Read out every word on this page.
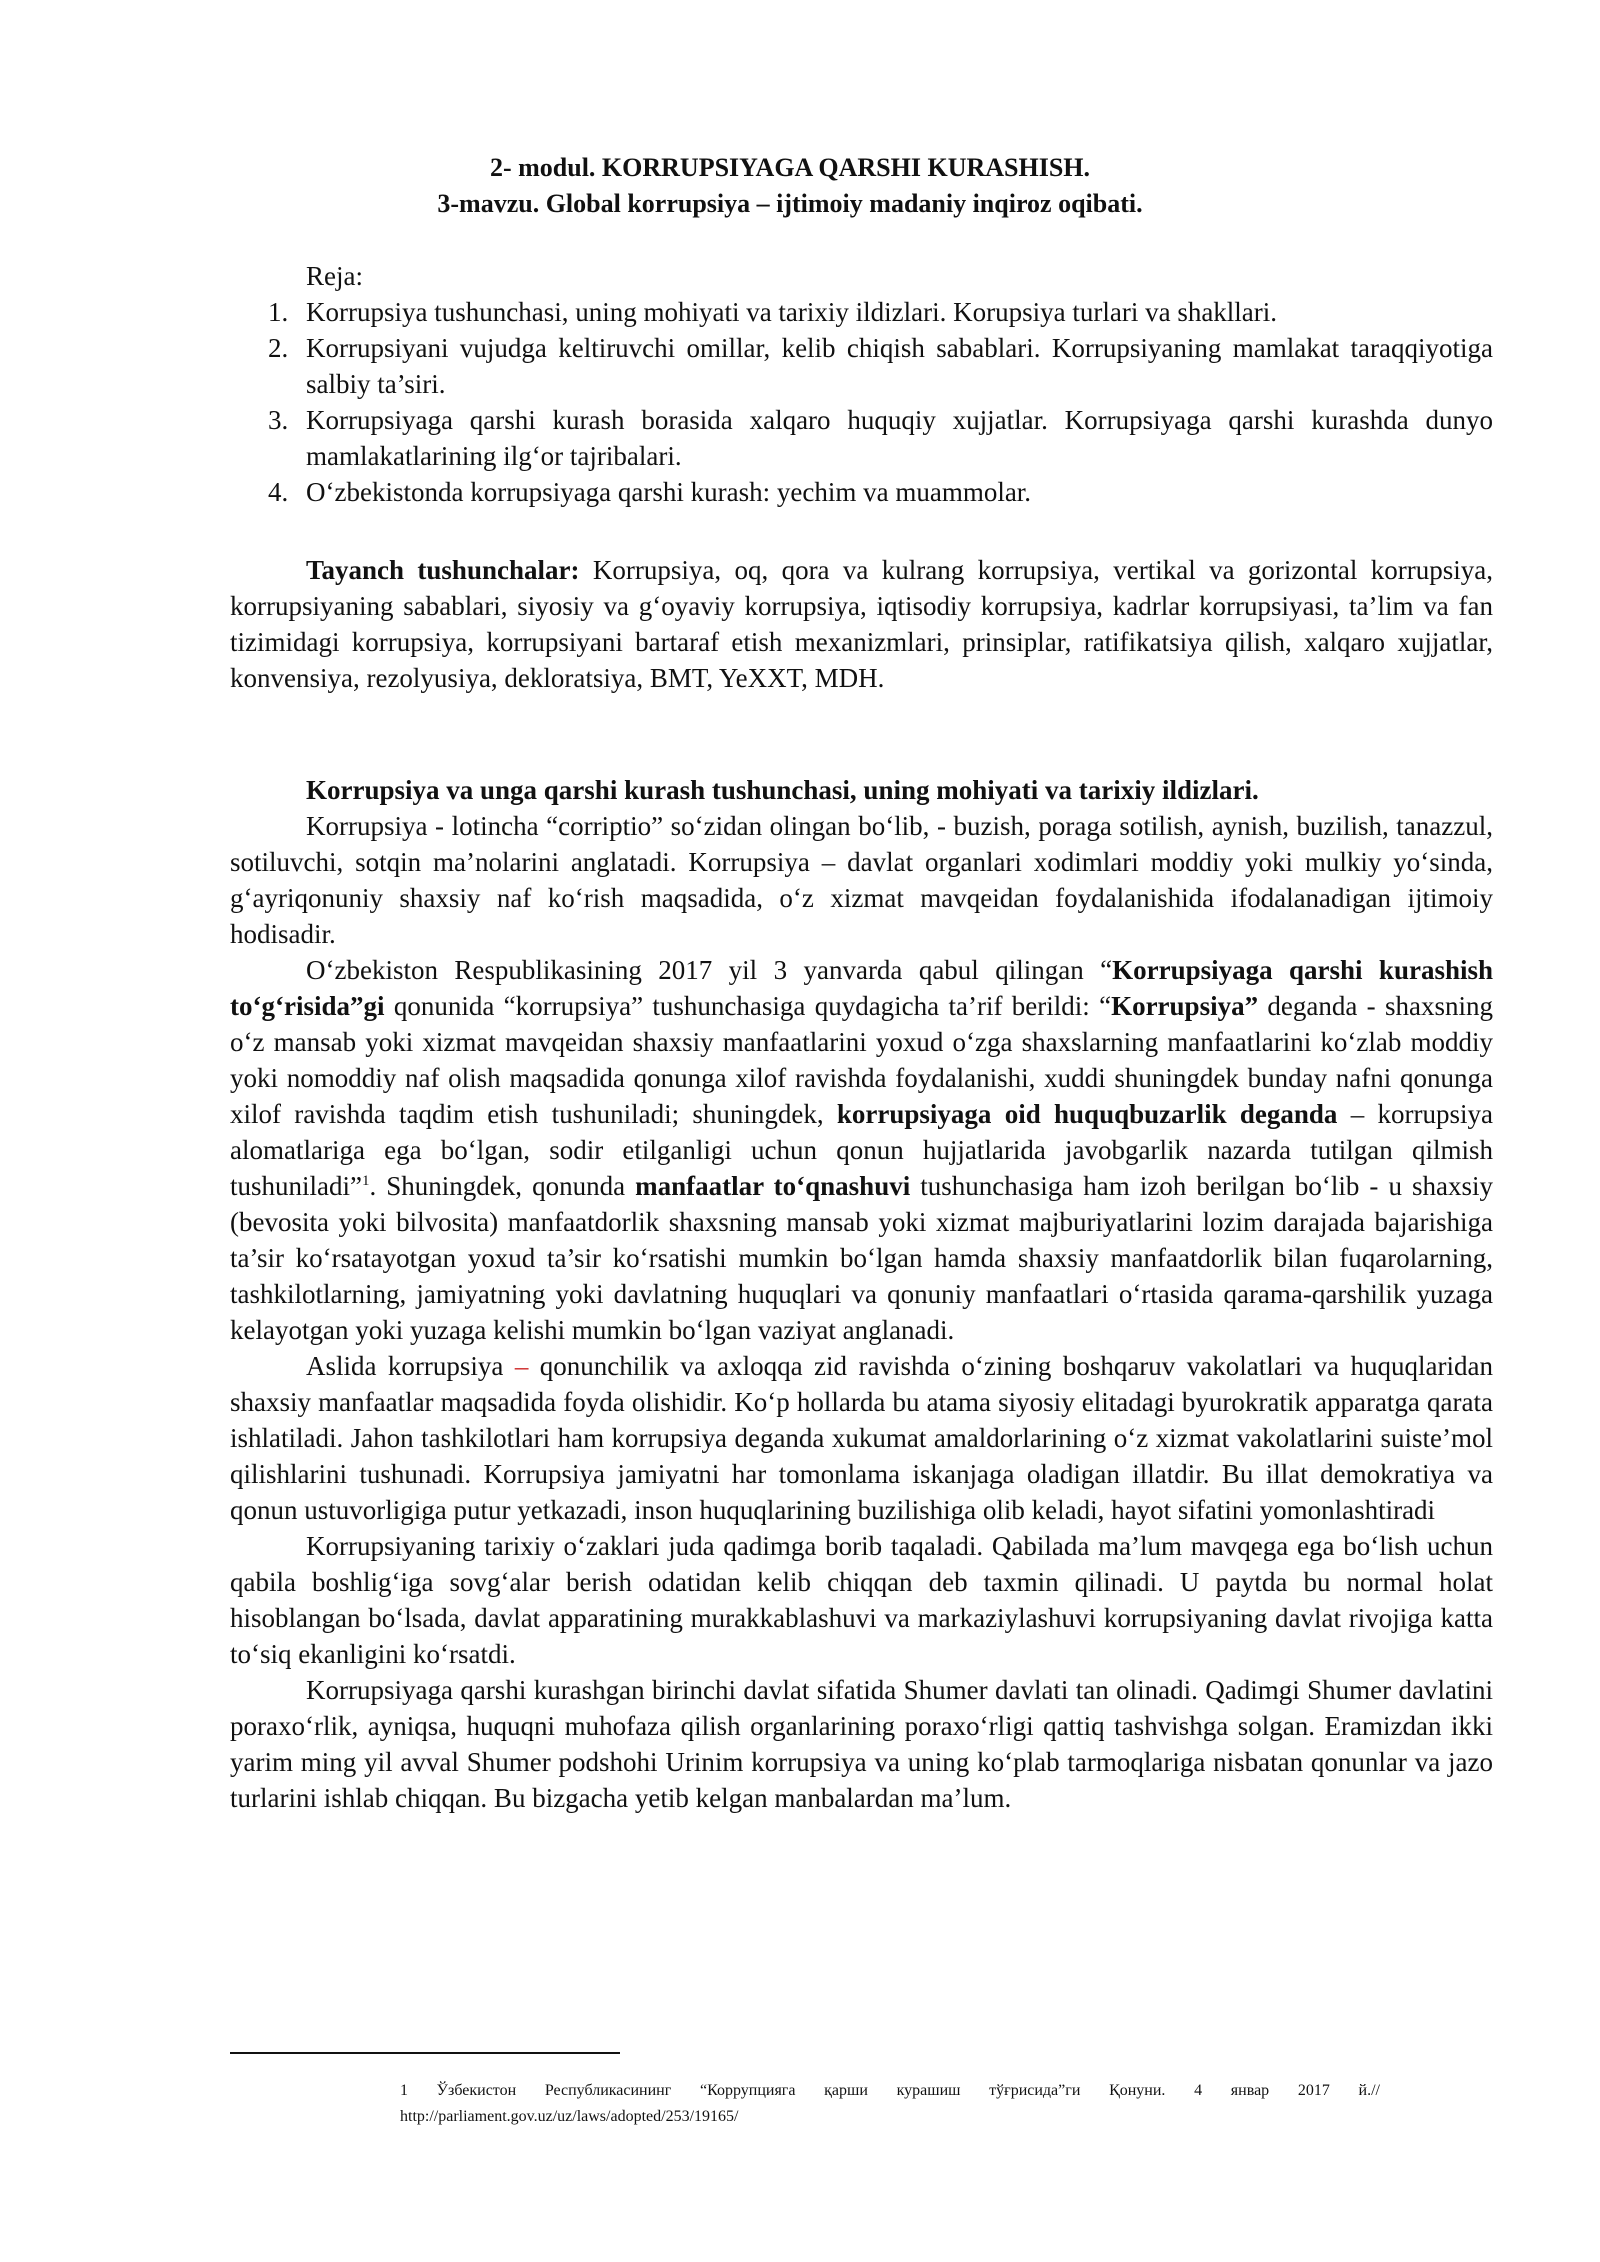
2- modul. KORRUPSIYAGA QARSHI KURASHISH.
3-mavzu. Global korrupsiya – ijtimoiy madaniy inqiroz oqibati.
Reja:
1. Korrupsiya tushunchasi, uning mohiyati va tarixiy ildizlari. Korupsiya turlari va shakllari.
2. Korrupsiyani vujudga keltiruvchi omillar, kelib chiqish sabablari. Korrupsiyaning mamlakat taraqqiyotiga salbiy ta’siri.
3. Korrupsiyaga qarshi kurash borasida xalqaro huquqiy xujjatlar. Korrupsiyaga qarshi kurashda dunyo mamlakatlarining ilg‘or tajribalari.
4. O‘zbekistonda korrupsiyaga qarshi kurash: yechim va muammolar.

Tayanch tushunchalar: Korrupsiya, oq, qora va kulrang korrupsiya, vertikal va gorizontal korrupsiya, korrupsiyaning sabablari, siyosiy va g‘oyaviy korrupsiya, iqtisodiy korrupsiya, kadrlar korrupsiyasi, ta’lim va fan tizimidagi korrupsiya, korrupsiyani bartaraf etish mexanizmlari, prinsiplar, ratifikatsiya qilish, xalqaro xujjatlar, konvensiya, rezolyusiya, dekloratsiya, BMT, YeXXT, MDH.

Korrupsiya va unga qarshi kurash tushunchasi, uning mohiyati va tarixiy ildizlari.

Korrupsiya - lotincha “corriptio” so‘zidan olingan bo‘lib, - buzish, poraga sotilish, aynish, buzilish, tanazzul, sotiluvchi, sotqin ma’nolarini anglatadi. Korrupsiya – davlat organlari xodimlari moddiy yoki mulkiy yo‘sinda, g‘ayriqonuniy shaxsiy naf ko‘rish maqsadida, o‘z xizmat mavqeidan foydalanishida ifodalanadigan ijtimoiy hodisadir.

O‘zbekiston Respublikasining 2017 yil 3 yanvarda qabul qilingan “Korrupsiyaga qarshi kurashish to‘g‘risida”gi qonunida “korrupsiya” tushunchasiga quydagicha ta’rif berildi: “Korrupsiya” deganda - shaxsning o‘z mansab yoki xizmat mavqeidan shaxsiy manfaatlarini yoxud o‘zga shaxslarning manfaatlarini ko‘zlab moddiy yoki nomoddiy naf olish maqsadida qonunga xilof ravishda foydalanishi, xuddi shuningdek bunday nafni qonunga xilof ravishda taqdim etish tushuniladi; shuningdek, korrupsiyaga oid huquqbuzarlik deganda – korrupsiya alomatlariga ega bo‘lgan, sodir etilganligi uchun qonun hujjatlarida javobgarlik nazarda tutilgan qilmish tushuniladi”$^1$. Shuningdek, qonunda manfaatlar to‘qnashuvi tushunchasiga ham izoh berilgan bo‘lib - u shaxsiy (bevosita yoki bilvosita) manfaatdorlik shaxsning mansab yoki xizmat majburiyatlarini lozim darajada bajarishiga ta’sir ko‘rsatayotgan yoxud ta’sir ko‘rsatishi mumkin bo‘lgan hamda shaxsiy manfaatdorlik bilan fuqarolarning, tashkilotlarning, jamiyatning yoki davlatning huquqlari va qonuniy manfaatlari o‘rtasida qarama-qarshilik yuzaga kelayotgan yoki yuzaga kelishi mumkin bo‘lgan vaziyat anglanadi.

Aslida korrupsiya – qonunchilik va axloqqa zid ravishda o‘zining boshqaruv vakolatlari va huquqlaridan shaxsiy manfaatlar maqsadida foyda olishidir. Ko‘p hollarda bu atama siyosiy elitadagi byurokratik apparatga qarata ishlatiladi. Jahon tashkilotlari ham korrupsiya deganda xukumat amaldorlarining o‘z xizmat vakolatlarini suiste’mol qilishlarini tushunadi. Korrupsiya jamiyatni har tomonlama iskanjaga oladigan illatdir. Bu illat demokratiya va qonun ustuvorligiga putur yetkazadi, inson huquqlarining buzilishiga olib keladi, hayot sifatini yomonlashtiradi

Korrupsiyaning tarixiy o‘zaklari juda qadimga borib taqaladi. Qabilada ma’lum mavqega ega bo‘lish uchun qabila boshlig‘iga sovg‘alar berish odatidan kelib chiqqan deb taxmin qilinadi. U paytda bu normal holat hisoblangan bo‘lsada, davlat apparatining murakkablashuvi va markaziylashuvi korrupsiyaning davlat rivojiga katta to‘siq ekanligini ko‘rsatdi.

Korrupsiyaga qarshi kurashgan birinchi davlat sifatida Shumer davlati tan olinadi. Qadimgi Shumer davlatini poraxo‘rlik, ayniqsa, huquqni muhofaza qilish organlarining poraxo‘rligi qattiq tashvishga solgan. Eramizdan ikki yarim ming yil avval Shumer podshohi Urinim korrupsiya va uning ko‘plab tarmoqlariga nisbatan qonunlar va jazo turlarini ishlab chiqqan. Bu bizgacha yetib kelgan manbalardan ma’lum.

1 Ўзбекистон Республикасининг “Коррупцияга қарши курашиш тўғрисида”ги Қонуни. 4 январ 2017 й.// http://parliament.gov.uz/uz/laws/adopted/253/19165/
